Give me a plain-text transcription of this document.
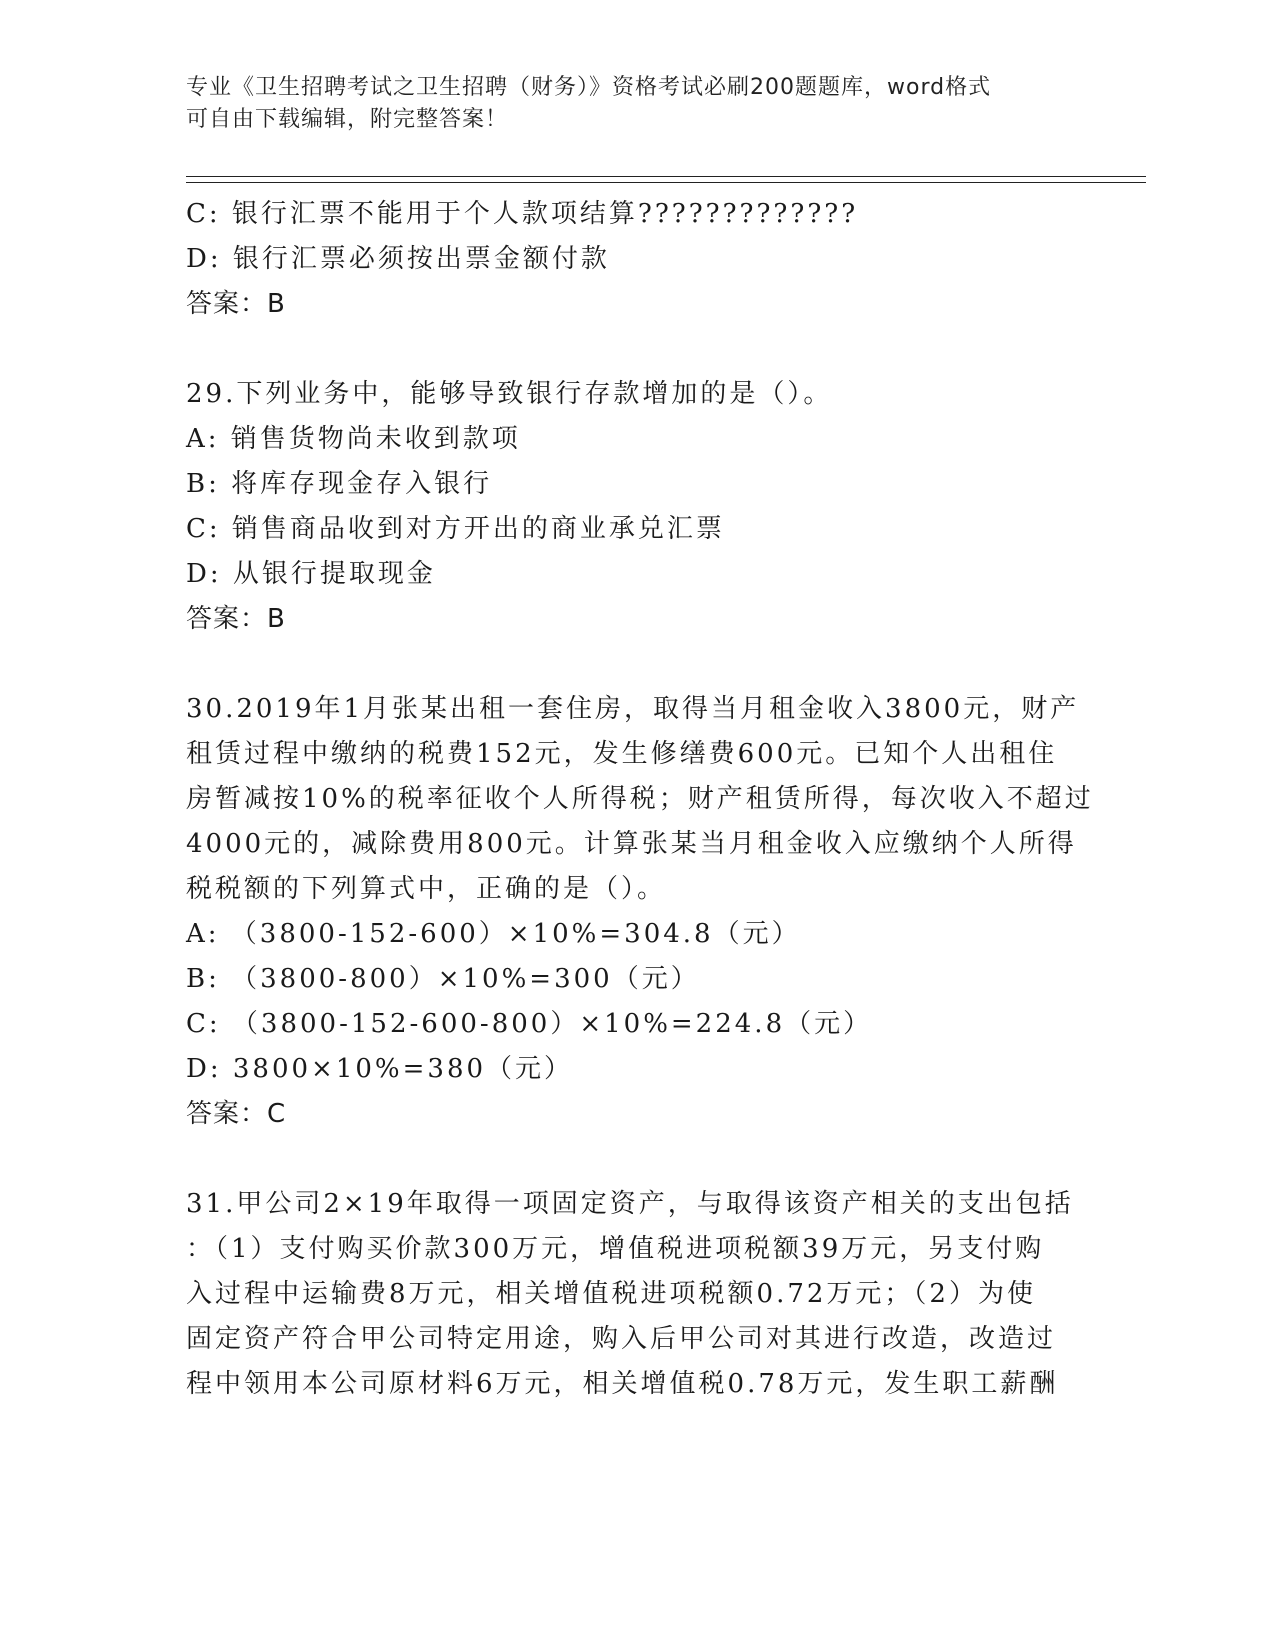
专业《卫生招聘考试之卫生招聘（财务）》资格考试必刷200题题库，word格式
可自由下载编辑，附完整答案！
C: 银行汇票不能用于个人款项结算?????????????
D: 银行汇票必须按出票金额付款
答案：B
29.下列业务中，能够导致银行存款增加的是（）。
A: 销售货物尚未收到款项
B: 将库存现金存入银行
C: 销售商品收到对方开出的商业承兑汇票
D: 从银行提取现金
答案：B
30.2019年1月张某出租一套住房，取得当月租金收入3800元，财产
租赁过程中缴纳的税费152元，发生修缮费600元。已知个人出租住
房暂减按10%的税率征收个人所得税；财产租赁所得，每次收入不超过
4000元的，减除费用800元。计算张某当月租金收入应缴纳个人所得
税税额的下列算式中，正确的是（）。
A: （3800-152-600）×10%=304.8（元）
B: （3800-800）×10%=300（元）
C: （3800-152-600-800）×10%=224.8（元）
D: 3800×10%=380（元）
答案：C
31.甲公司2×19年取得一项固定资产，与取得该资产相关的支出包括
：（1）支付购买价款300万元，增值税进项税额39万元，另支付购
入过程中运输费8万元，相关增值税进项税额0.72万元；（2）为使
固定资产符合甲公司特定用途，购入后甲公司对其进行改造，改造过
程中领用本公司原材料6万元，相关增值税0.78万元，发生职工薪酬
